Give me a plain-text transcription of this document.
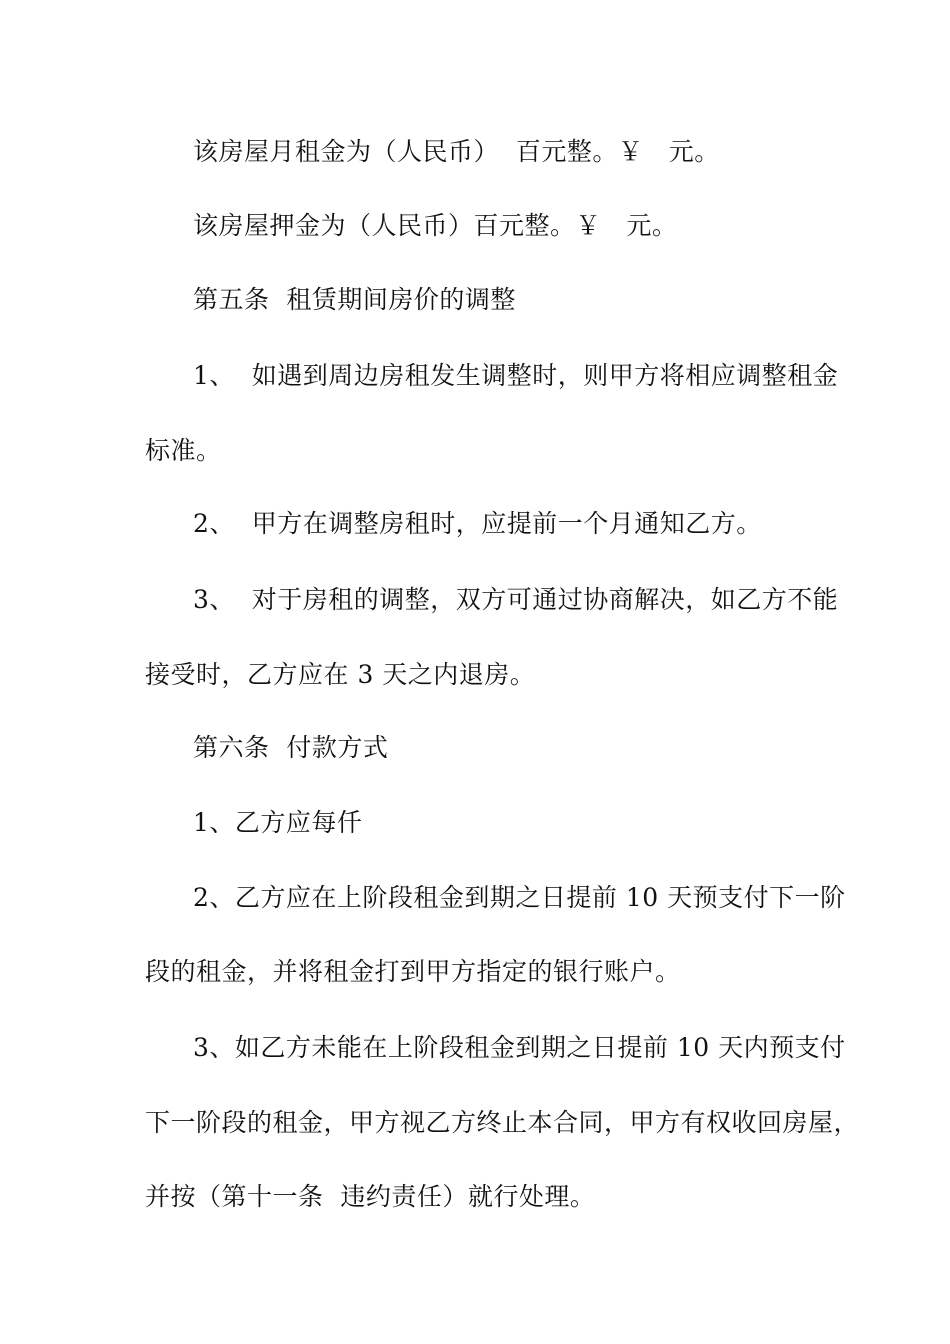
该房屋月租金为（人民币）  百元整。￥   元。
该房屋押金为（人民币）百元整。￥   元。
第五条  租赁期间房价的调整
1、  如遇到周边房租发生调整时，则甲方将相应调整租金
标准。
2、  甲方在调整房租时，应提前一个月通知乙方。
3、  对于房租的调整，双方可通过协商解决，如乙方不能
接受时，乙方应在 3 天之内退房。
第六条  付款方式
1、乙方应每仟
2、乙方应在上阶段租金到期之日提前 10 天预支付下一阶
段的租金，并将租金打到甲方指定的银行账户。
3、如乙方未能在上阶段租金到期之日提前 10 天内预支付
下一阶段的租金，甲方视乙方终止本合同，甲方有权收回房屋，
并按（第十一条  违约责任）就行处理。
